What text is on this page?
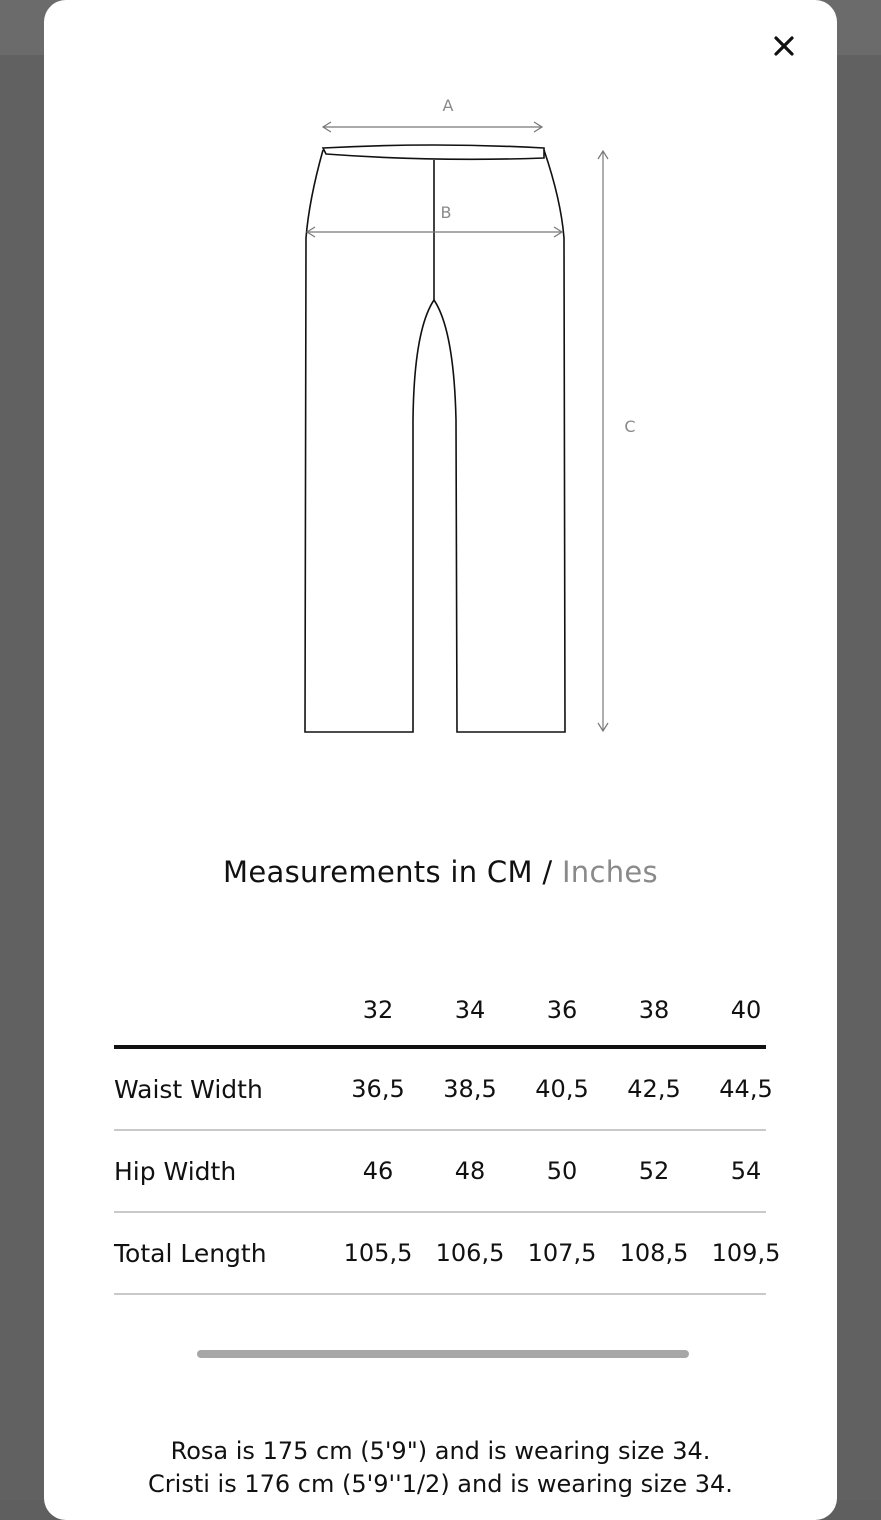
A
B
C
Measurements in CM / Inches
32	34	36	38	40
Waist Width	36,5	38,5	40,5	42,5	44,5
Hip Width	46	48	50	52	54
Total Length	105,5 106,5 107,5 108,5 109,5
Rosa is 175 cm (5'9") and is wearing size 34.
Cristi is 176 cm (5'9''1/2) and is wearing size 34.
